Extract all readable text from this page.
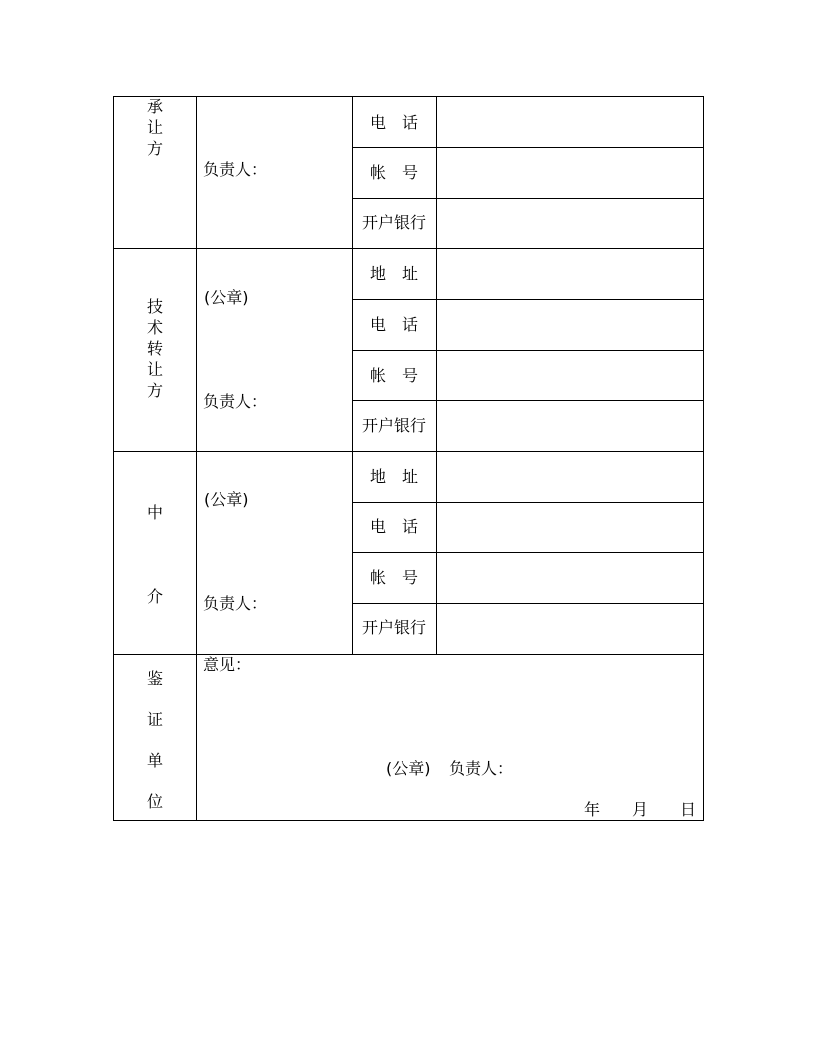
承
让
方
负责人：
电　话
帐　号
开户银行
技
术
转
让
方
(公章)
负责人：
地　址
电　话
帐　号
开户银行
中
介
(公章)
负责人：
地　址
电　话
帐　号
开户银行
鉴
证
单
位
意见：
(公章) 负责人：
年 月 日
